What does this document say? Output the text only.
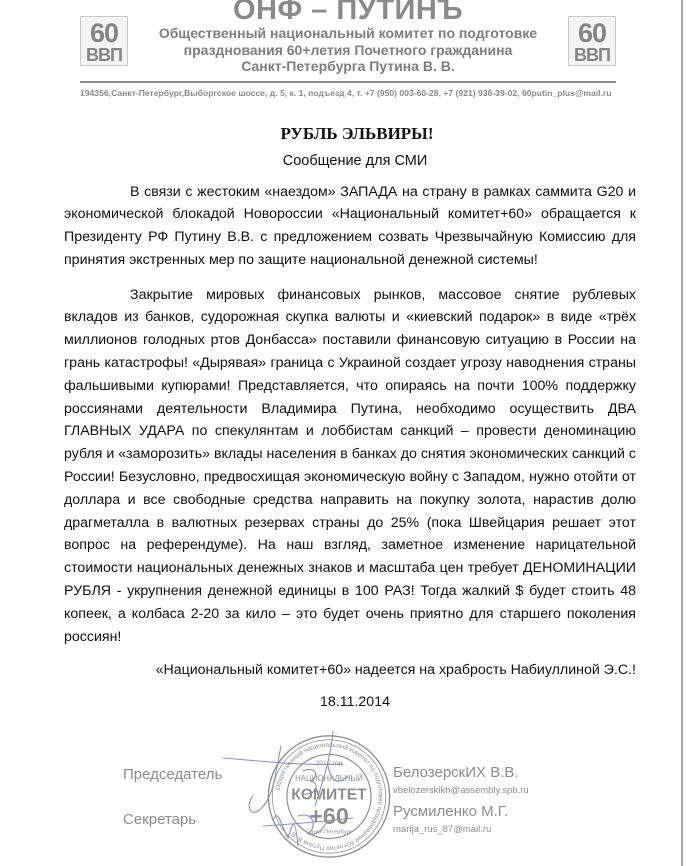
60
ВВП
ОНФ – ПУТИНЪ
Общественный национальный комитет по подготовке
празднования 60+летия Почетного гражданина
Санкт-Петербурга Путина В. В.
60
ВВП
194356,Санкт-Петербург,Выборгское шоссе, д. 5, к. 1, подъезд 4, т. +7 (950) 003-60-28, +7 (921) 936-39-02, 60putin_plus@mail.ru
РУБЛЬ ЭЛЬВИРЫ!
Сообщение для СМИ

В связи с жестоким «наездом» ЗАПАДА на страну в рамках саммита G20 и экономической блокадой Новороссии «Национальный комитет+60» обращается к Президенту РФ Путину В.В. с предложением созвать Чрезвычайную Комиссию для принятия экстренных мер по защите национальной денежной системы!

Закрытие мировых финансовых рынков, массовое снятие рублевых вкладов из банков, судорожная скупка валюты и «киевский подарок» в виде «трёх миллионов голодных ртов Донбасса» поставили финансовую ситуацию в России на грань катастрофы! «Дырявая» граница с Украиной создает угрозу наводнения страны фальшивыми купюрами! Представляется, что опираясь на почти 100% поддержку россиянами деятельности Владимира Путина, необходимо осуществить ДВА ГЛАВНЫХ УДАРА по спекулянтам и лоббистам санкций – провести деноминацию рубля и «заморозить» вклады населения в банках до снятия экономических санкций с России! Безусловно, предвосхищая экономическую войну с Западом, нужно отойти от доллара и все свободные средства направить на покупку золота, нарастив долю драгметалла в валютных резервах страны до 25% (пока Швейцария решает этот вопрос на референдуме). На наш взгляд, заметное изменение нарицательной стоимости национальных денежных знаков и масштаба цен требует ДЕНОМИНАЦИИ РУБЛЯ - укрупнения денежной единицы в 100 РАЗ! Тогда жалкий $ будет стоить 48 копеек, а колбаса 2-20 за кило – это будет очень приятно для старшего поколения россиян!

«Национальный комитет+60» надеется на храбрость Набиуллиной Э.С.!
18.11.2014
Председатель
Секретарь
Общественный национальный комитет по подготовке празднования 60+летия Путина В. В.
2012 год
НАЦИОНАЛЬНЫЙ
КОМИТЕТ
+60
Санкт-Петербург
БелозерскИХ В.В.
vbelozerskikh@assembly.spb.ru
Русмиленко М.Г.
marija_rus_87@mail.ru
